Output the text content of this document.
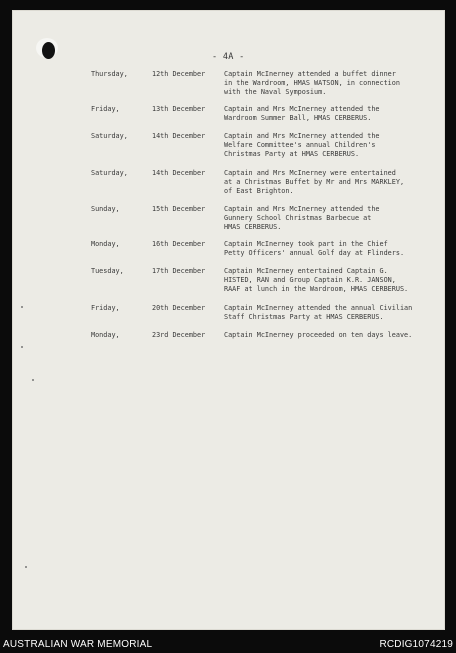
- 4A -
Thursday,	12th December	Captain McInerney attended a buffet dinner
in the Wardroom, HMAS WATSON, in connection
with the Naval Symposium.
Friday,	13th December	Captain and Mrs McInerney attended the
Wardroom Summer Ball, HMAS CERBERUS.
Saturday,	14th December	Captain and Mrs McInerney attended the
Welfare Committee's annual Children's
Christmas Party at HMAS CERBERUS.
Saturday,	14th December	Captain and Mrs McInerney were entertained
at a Christmas Buffet by Mr and Mrs MARKLEY,
of East Brighton.
Sunday,	15th December	Captain and Mrs McInerney attended the
Gunnery School Christmas Barbecue at
HMAS CERBERUS.
Monday,	16th December	Captain McInerney took part in the Chief
Petty Officers' annual Golf day at Flinders.
Tuesday,	17th December	Captain McInerney entertained Captain G.
HISTED, RAN and Group Captain K.R. JANSON,
RAAF at lunch in the Wardroom, HMAS CERBERUS.
Friday,	20th December	Captain McInerney attended the annual Civilian
Staff Christmas Party at HMAS CERBERUS.
Monday,	23rd December	Captain McInerney proceeded on ten days leave.
AUSTRALIAN WAR MEMORIAL	RCDIG1074219
